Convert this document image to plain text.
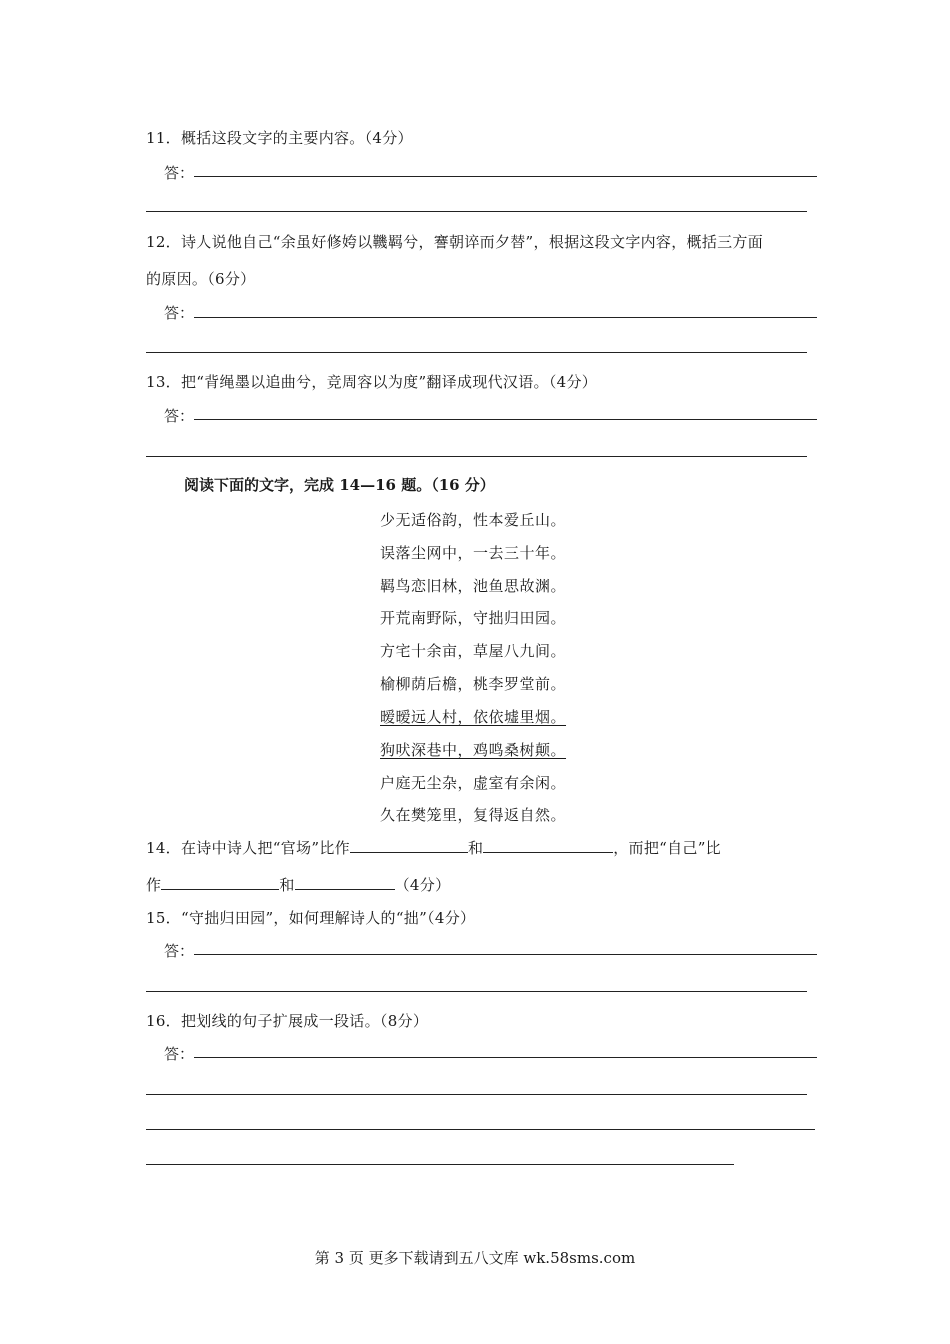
11．概括这段文字的主要内容。（4分）
答：
12．诗人说他自己“余虽好修姱以鞿羁兮，謇朝谇而夕替”，根据这段文字内容，概括三方面
的原因。（6分）
答：
13．把“背绳墨以追曲兮，竞周容以为度”翻译成现代汉语。（4分）
答：
阅读下面的文字，完成 14—16 题。（16 分）
少无适俗韵，性本爱丘山。
误落尘网中，一去三十年。
羁鸟恋旧林，池鱼思故渊。
开荒南野际，守拙归田园。
方宅十余亩，草屋八九间。
榆柳荫后檐，桃李罗堂前。
暧暧远人村，依依墟里烟。
狗吠深巷中，鸡鸣桑树颠。
户庭无尘杂，虚室有余闲。
久在樊笼里，复得返自然。
14．在诗中诗人把“官场”比作	和	，而把“自己”比
作	和	（4分）
15．“守拙归田园”，如何理解诗人的“拙”（4分）
答：
16．把划线的句子扩展成一段话。（8分）
答：
第 3 页 更多下载请到五八文库 wk.58sms.com
